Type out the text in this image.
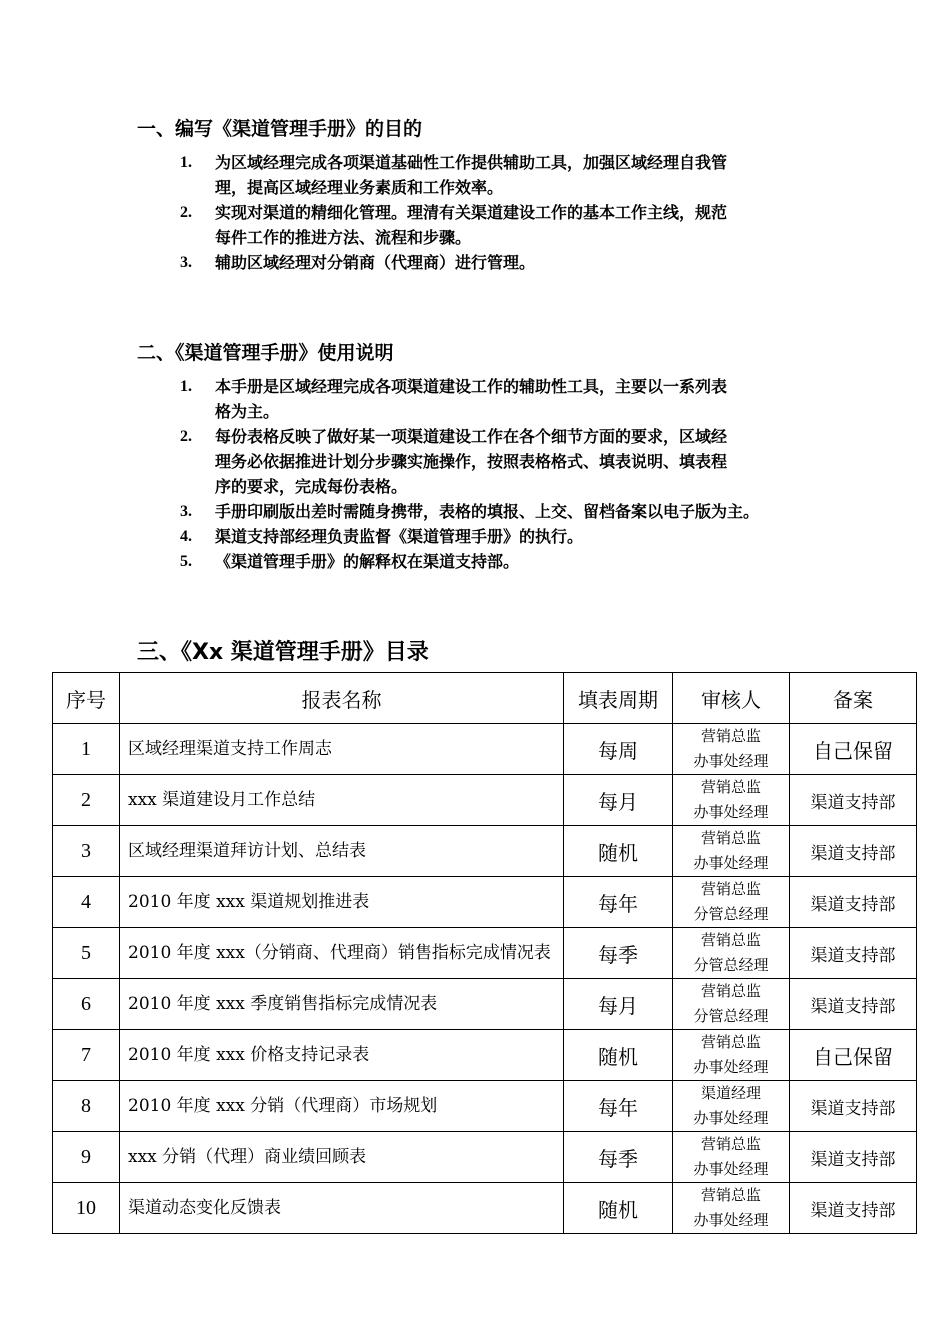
一、编写《渠道管理手册》的目的
1. 为区域经理完成各项渠道基础性工作提供辅助工具，加强区域经理自我管
理，提高区域经理业务素质和工作效率。
2. 实现对渠道的精细化管理。理清有关渠道建设工作的基本工作主线，规范
每件工作的推进方法、流程和步骤。
3. 辅助区域经理对分销商（代理商）进行管理。
二、《渠道管理手册》使用说明
1. 本手册是区域经理完成各项渠道建设工作的辅助性工具，主要以一系列表
格为主。
2. 每份表格反映了做好某一项渠道建设工作在各个细节方面的要求，区域经
理务必依据推进计划分步骤实施操作，按照表格格式、填表说明、填表程
序的要求，完成每份表格。
3. 手册印刷版出差时需随身携带，表格的填报、上交、留档备案以电子版为主。
4. 渠道支持部经理负责监督《渠道管理手册》的执行。
5. 《渠道管理手册》的解释权在渠道支持部。
三、《Xx 渠道管理手册》目录
序号	报表名称	填表周期	审核人	备案
1	区域经理渠道支持工作周志	每周	营销总监
办事处经理	自己保留
2	xxx 渠道建设月工作总结	每月	营销总监
办事处经理	渠道支持部
3	区域经理渠道拜访计划、总结表	随机	营销总监
办事处经理	渠道支持部
4	2010 年度 xxx 渠道规划推进表	每年	营销总监
分管总经理	渠道支持部
5	2010 年度 xxx（分销商、代理商）销售指标完成情况表	每季	营销总监
分管总经理	渠道支持部
6	2010 年度 xxx 季度销售指标完成情况表	每月	营销总监
分管总经理	渠道支持部
7	2010 年度 xxx 价格支持记录表	随机	营销总监
办事处经理	自己保留
8	2010 年度 xxx 分销（代理商）市场规划	每年	渠道经理
办事处经理	渠道支持部
9	xxx 分销（代理）商业绩回顾表	每季	营销总监
办事处经理	渠道支持部
10	渠道动态变化反馈表	随机	营销总监
办事处经理	渠道支持部
